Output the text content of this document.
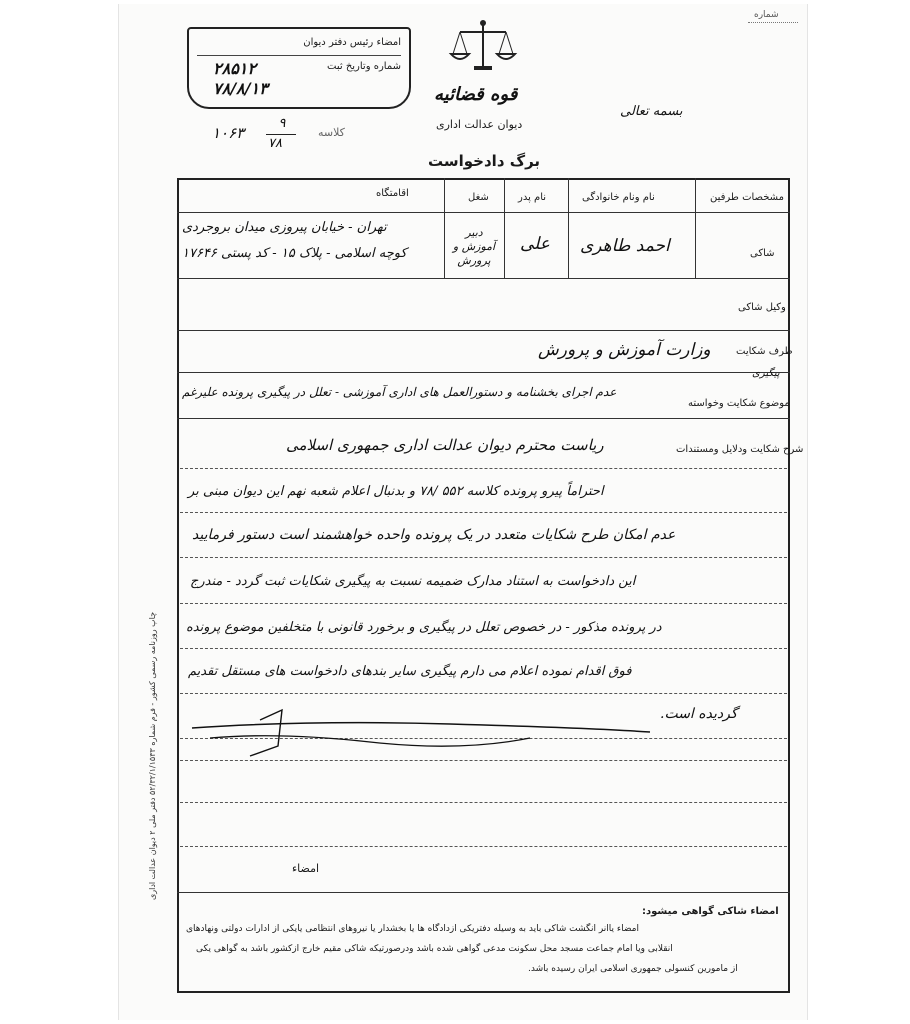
شماره
امضاء رئیس دفتر دیوان
شماره وتاریخ ثبت
۲۸۵۱۲
۷۸/۸/۱۳
۱۰۶۳
۹
۷۸
کلاسه
قوه قضائیه
دیوان عدالت اداری
بسمه تعالی
برگ دادخواست
مشخصات طرفین
نام ونام خانوادگی
نام پدر
شغل
اقامتگاه
شاکی
احمد طاهری
علی
دبیر آموزش و پرورش
تهران - خیابان پیروزی میدان بروجردی
کوچه اسلامی - پلاک ۱۵ - کد پستی ۱۷۶۴۶
وکیل شاکی
طرف شکایت
وزارت آموزش و پرورش
پیگیری
موضوع شکایت وخواسته
عدم اجرای بخشنامه و دستورالعمل های اداری آموزشی - تعلل در پیگیری پرونده علیرغم
شرح شکایت ودلایل ومستندات
ریاست محترم دیوان عدالت اداری جمهوری اسلامی
احتراماً پیرو پرونده کلاسه ۵۵۲ /۷۸ و بدنبال اعلام شعبه نهم این دیوان مبنی بر
عدم امکان طرح شکایات متعدد در یک پرونده واحده خواهشمند است دستور فرمایید
این دادخواست به استناد مدارک ضمیمه نسبت به پیگیری شکایات ثبت گردد - مندرج
در پرونده مذکور - در خصوص تعلل در پیگیری و برخورد قانونی با متخلفین موضوع پرونده
فوق اقدام نموده اعلام می دارم پیگیری سایر بندهای دادخواست های مستقل تقدیم
گردیده است.
امضاء
امضاء شاکی گواهی میشود:
امضاء یاانر انگشت شاکی باید به وسیله دفتریکی ازدادگاه ها یا بخشدار یا نیروهای انتظامی یایکی از ادارات دولتی ونهادهای
انقلابی ویا امام جماعت مسجد محل سکونت مدعی گواهی شده باشد ودرصورتیکه شاکی مقیم خارج ازکشور باشد به گواهی یکی
از مامورین کنسولی جمهوری اسلامی ایران رسیده باشد.
چاپ روزنامه رسمی کشور - فرم شماره ۵۲/۳۲/۱/۱۵۳۳ دفتر ملی ۲ دیوان عدالت اداری
